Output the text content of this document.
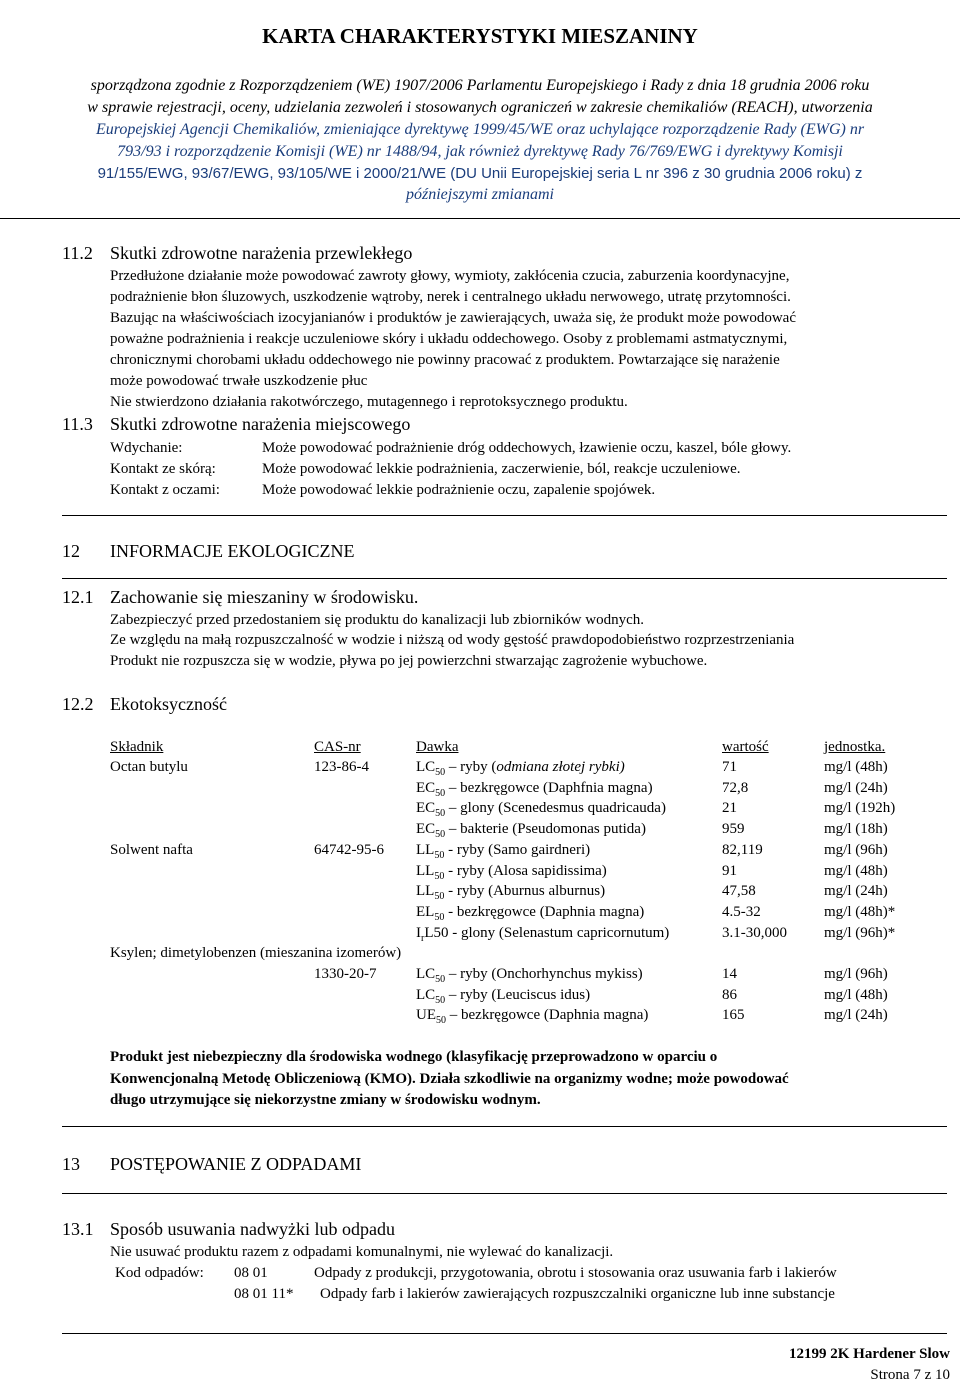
KARTA CHARAKTERYSTYKI MIESZANINY
sporządzona zgodnie z Rozporządzeniem (WE) 1907/2006 Parlamentu Europejskiego i Rady z dnia 18 grudnia 2006 roku
w sprawie rejestracji, oceny, udzielania zezwoleń i stosowanych ograniczeń w zakresie chemikaliów (REACH), utworzenia
Europejskiej Agencji Chemikaliów, zmieniające dyrektywę 1999/45/WE oraz uchylające rozporządzenie Rady (EWG) nr
793/93 i rozporządzenie Komisji (WE) nr 1488/94, jak również dyrektywę Rady 76/769/EWG i dyrektywy Komisji
91/155/EWG, 93/67/EWG, 93/105/WE i 2000/21/WE (DU Unii Europejskiej seria L nr 396 z 30 grudnia 2006 roku) z
późniejszymi zmianami
11.2 Skutki zdrowotne narażenia przewlekłego
Przedłużone działanie może powodować zawroty głowy, wymioty, zakłócenia czucia, zaburzenia koordynacyjne,
podrażnienie błon śluzowych, uszkodzenie wątroby, nerek i centralnego układu nerwowego, utratę przytomności.
Bazując na właściwościach izocyjanianów i produktów je zawierających, uważa się, że produkt może powodować
poważne podrażnienia i reakcje uczuleniowe skóry i układu oddechowego. Osoby z problemami astmatycznymi,
chronicznymi chorobami układu oddechowego nie powinny pracować z produktem. Powtarzające się narażenie
może powodować trwałe uszkodzenie płuc
Nie stwierdzono działania rakotwórczego, mutagennego i reprotoksycznego produktu.
11.3 Skutki zdrowotne narażenia miejscowego
Wdychanie:	Może powodować podrażnienie dróg oddechowych, łzawienie oczu, kaszel, bóle głowy.
Kontakt ze skórą:	Może powodować lekkie podrażnienia, zaczerwienie, ból, reakcje uczuleniowe.
Kontakt z oczami:	Może powodować lekkie podrażnienie oczu, zapalenie spojówek.
12 INFORMACJE EKOLOGICZNE
12.1 Zachowanie się mieszaniny w środowisku.
Zabezpieczyć przed przedostaniem się produktu do kanalizacji lub zbiorników wodnych.
Ze względu na małą rozpuszczalność w wodzie i niższą od wody gęstość prawdopodobieństwo rozprzestrzeniania
Produkt nie rozpuszcza się w wodzie, pływa po jej powierzchni stwarzając zagrożenie wybuchowe.
12.2 Ekotoksyczność
Składnik	CAS-nr	Dawka	wartość	jednostka.
Octan butylu	123-86-4	$LC_{50}$ – ryby (odmiana złotej rybki)	71	mg/l (48h)
$EC_{50}$ – bezkręgowce (Daphfnia magna)	72,8	mg/l (24h)
$EC_{50}$ – glony (Scenedesmus quadricauda)	21	mg/l (192h)
$EC_{50}$ – bakterie (Pseudomonas putida)	959	mg/l (18h)
Solwent nafta	64742-95-6 $LL_{50}$ - ryby (Samo gairdneri)	82,119	mg/l (96h)
$LL_{50}$ - ryby (Alosa sapidissima)	91	mg/l (48h)
$LL_{50}$ - ryby (Aburnus alburnus)	47,58	mg/l (24h)
$EL_{50}$ - bezkręgowce (Daphnia magna)	4.5-32	mg/l (48h)*
$I_rL50$ - glony (Selenastum capricornutum)	3.1-30,000 mg/l (96h)*
Ksylen; dimetylobenzen (mieszanina izomerów)
1330-20-7	$LC_{50}$ – ryby (Onchorhynchus mykiss)	14	mg/l (96h)
$LC_{50}$ – ryby (Leuciscus idus)	86	mg/l (48h)
$UE_{50}$ – bezkręgowce (Daphnia magna)	165	mg/l (24h)
Produkt jest niebezpieczny dla środowiska wodnego (klasyfikację przeprowadzono w oparciu o
Konwencjonalną Metodę Obliczeniową (KMO). Działa szkodliwie na organizmy wodne; może powodować
długo utrzymujące się niekorzystne zmiany w środowisku wodnym.
13 POSTĘPOWANIE Z ODPADAMI
13.1 Sposób usuwania nadwyżki lub odpadu
Nie usuwać produktu razem z odpadami komunalnymi, nie wylewać do kanalizacji.
Kod odpadów: 08 01	Odpady z produkcji, przygotowania, obrotu i stosowania oraz usuwania farb i lakierów
08 01 11* Odpady farb i lakierów zawierających rozpuszczalniki organiczne lub inne substancje
12199 2K Hardener Slow
Strona 7 z 10
